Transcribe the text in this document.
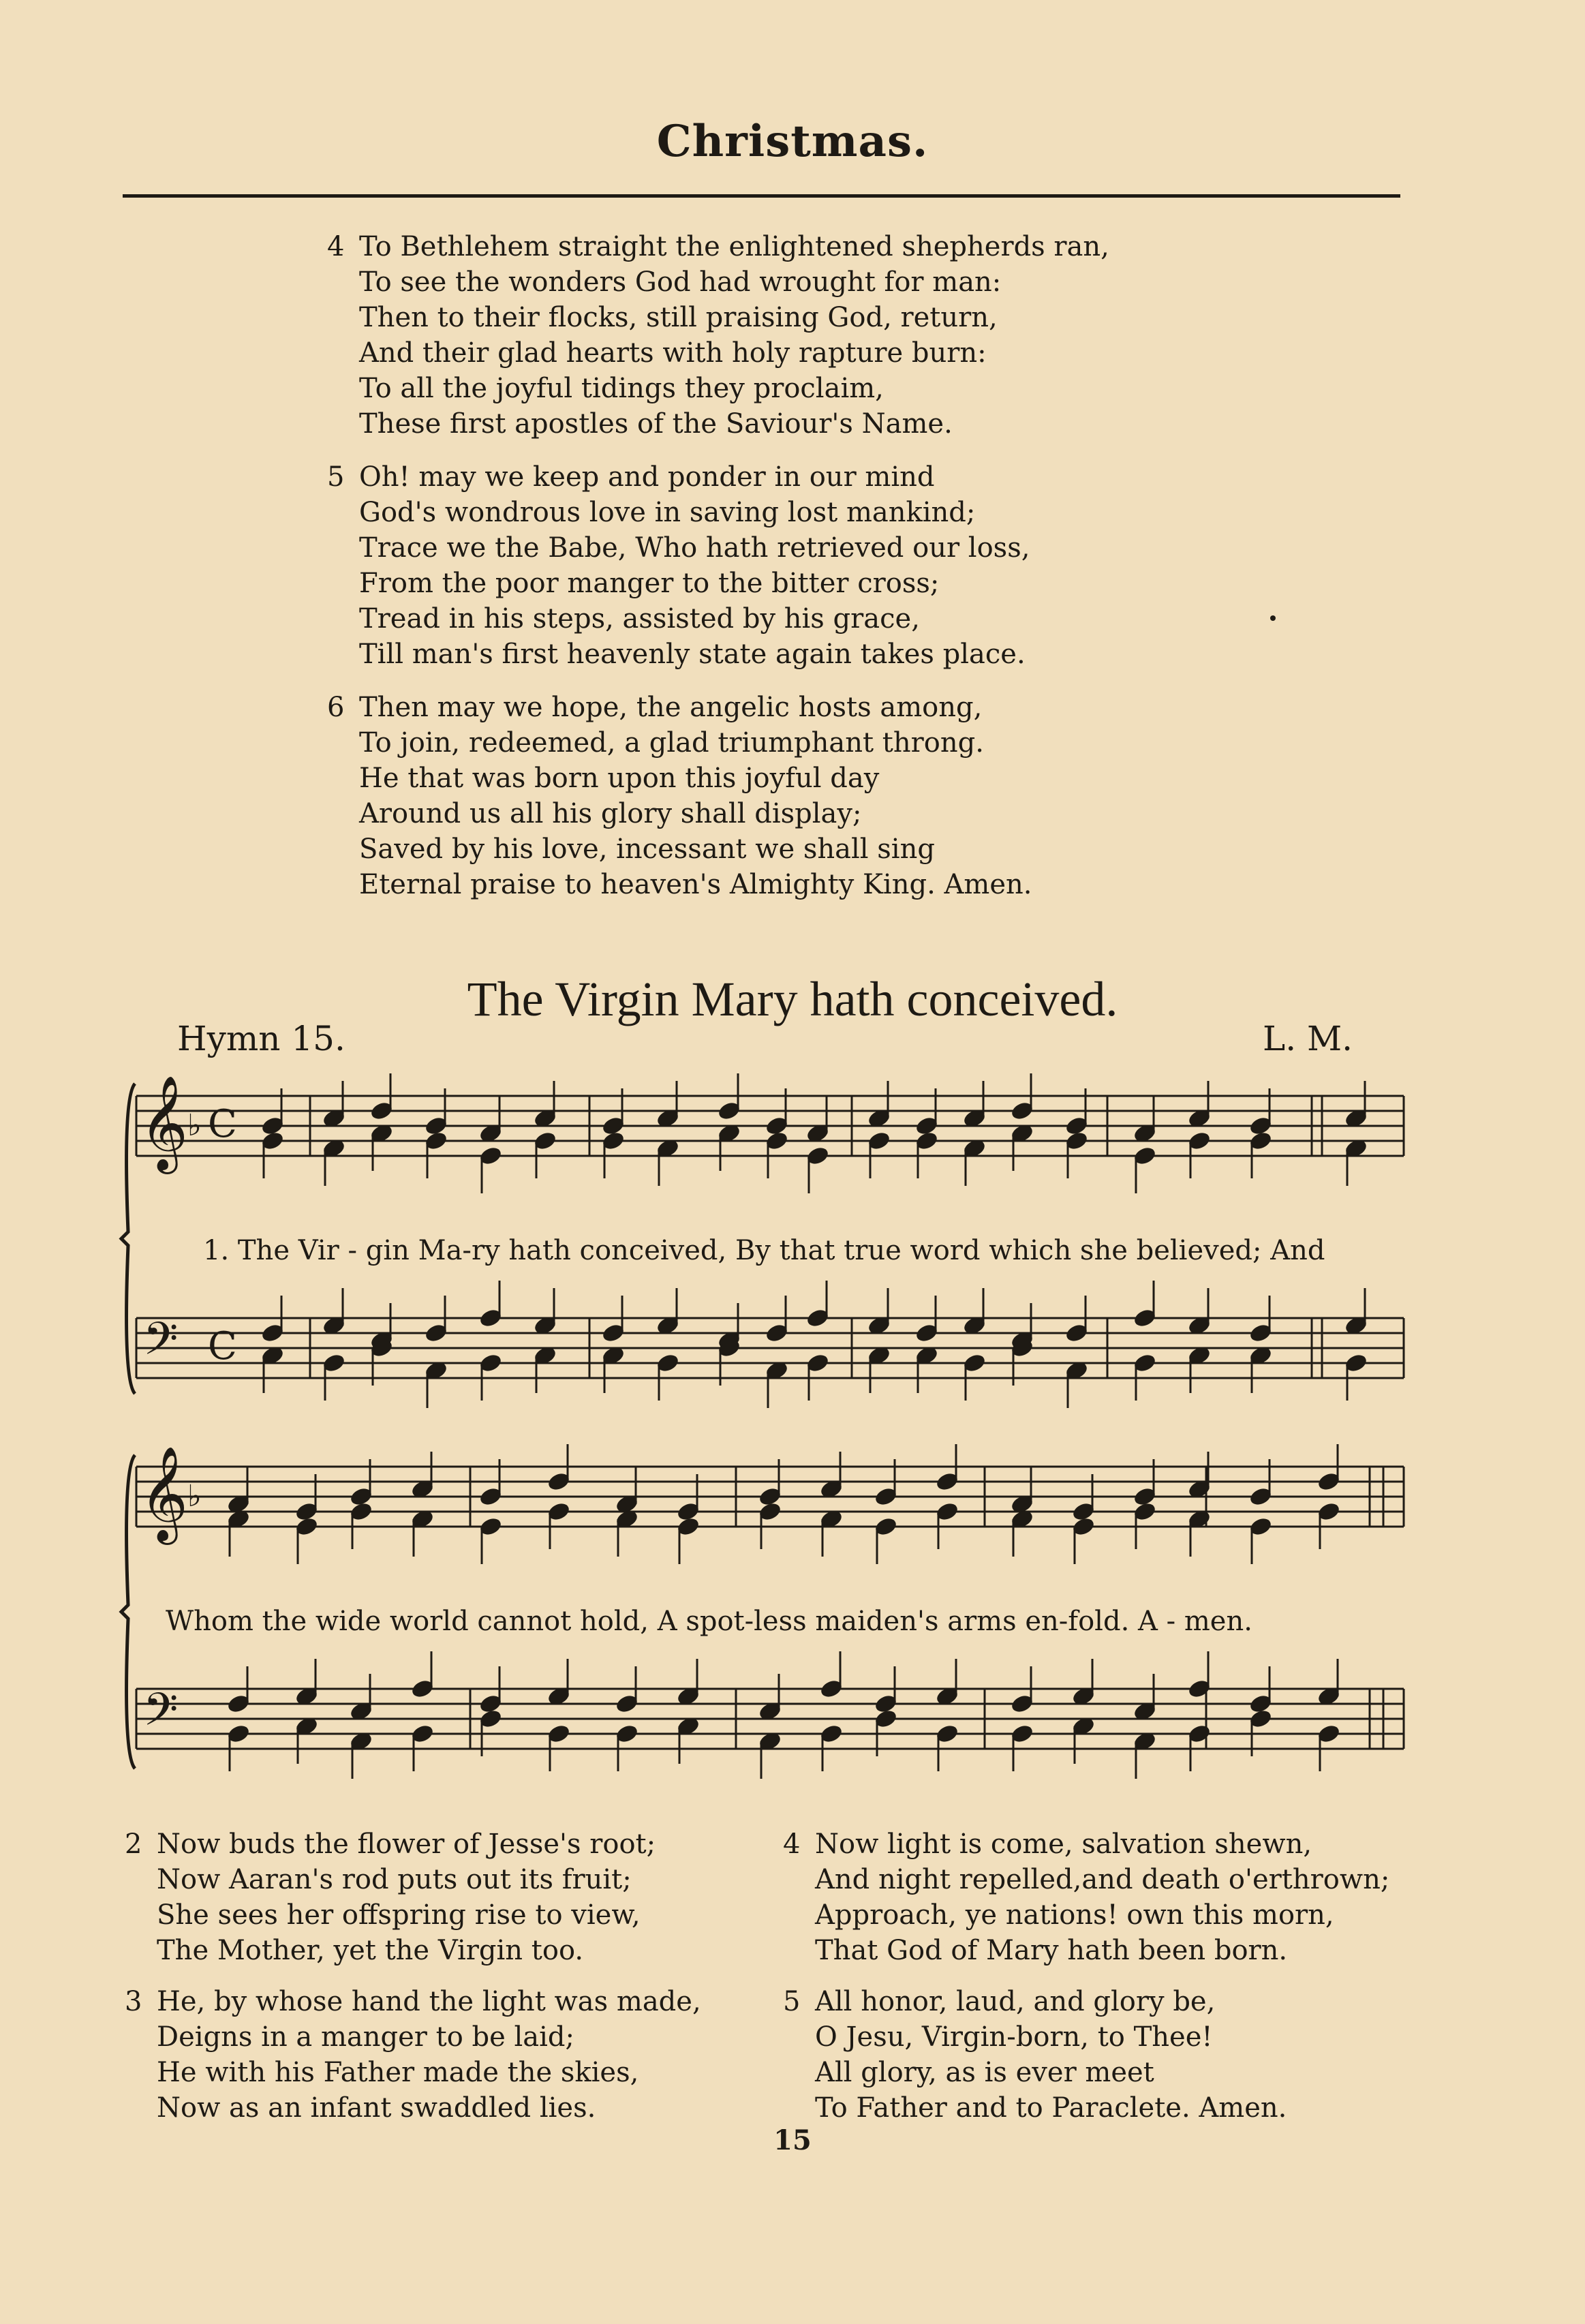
Christmas.
4 To Bethlehem straight the enlightened shepherds ran,
To see the wonders God had wrought for man:
Then to their flocks, still praising God, return,
And their glad hearts with holy rapture burn:
To all the joyful tidings they proclaim,
These first apostles of the Saviour's Name.
5 Oh! may we keep and ponder in our mind
God's wondrous love in saving lost mankind;
Trace we the Babe, Who hath retrieved our loss,
From the poor manger to the bitter cross;
Tread in his steps, assisted by his grace,
Till man's first heavenly state again takes place.
6 Then may we hope, the angelic hosts among,
To join, redeemed, a glad triumphant throng.
He that was born upon this joyful day
Around us all his glory shall display;
Saved by his love, incessant we shall sing
Eternal praise to heaven's Almighty King. Amen.
The Virgin Mary hath conceived.
Hymn 15.	L. M.
𝄞
𝄢
𝄞
𝄢
♭
♭
C
C
1. The Vir - gin Ma-ry hath conceived, By that true word which she believed; And
Whom the wide world cannot hold, A spot-less maiden's arms en-fold. A - men.
2 Now buds the flower of Jesse's root;
Now Aaran's rod puts out its fruit;
She sees her offspring rise to view,
The Mother, yet the Virgin too.
3 He, by whose hand the light was made,
Deigns in a manger to be laid;
He with his Father made the skies,
Now as an infant swaddled lies.
4 Now light is come, salvation shewn,
And night repelled,and death o'erthrown;
Approach, ye nations! own this morn,
That God of Mary hath been born.
5 All honor, laud, and glory be,
O Jesu, Virgin-born, to Thee!
All glory, as is ever meet
To Father and to Paraclete. Amen.
15
